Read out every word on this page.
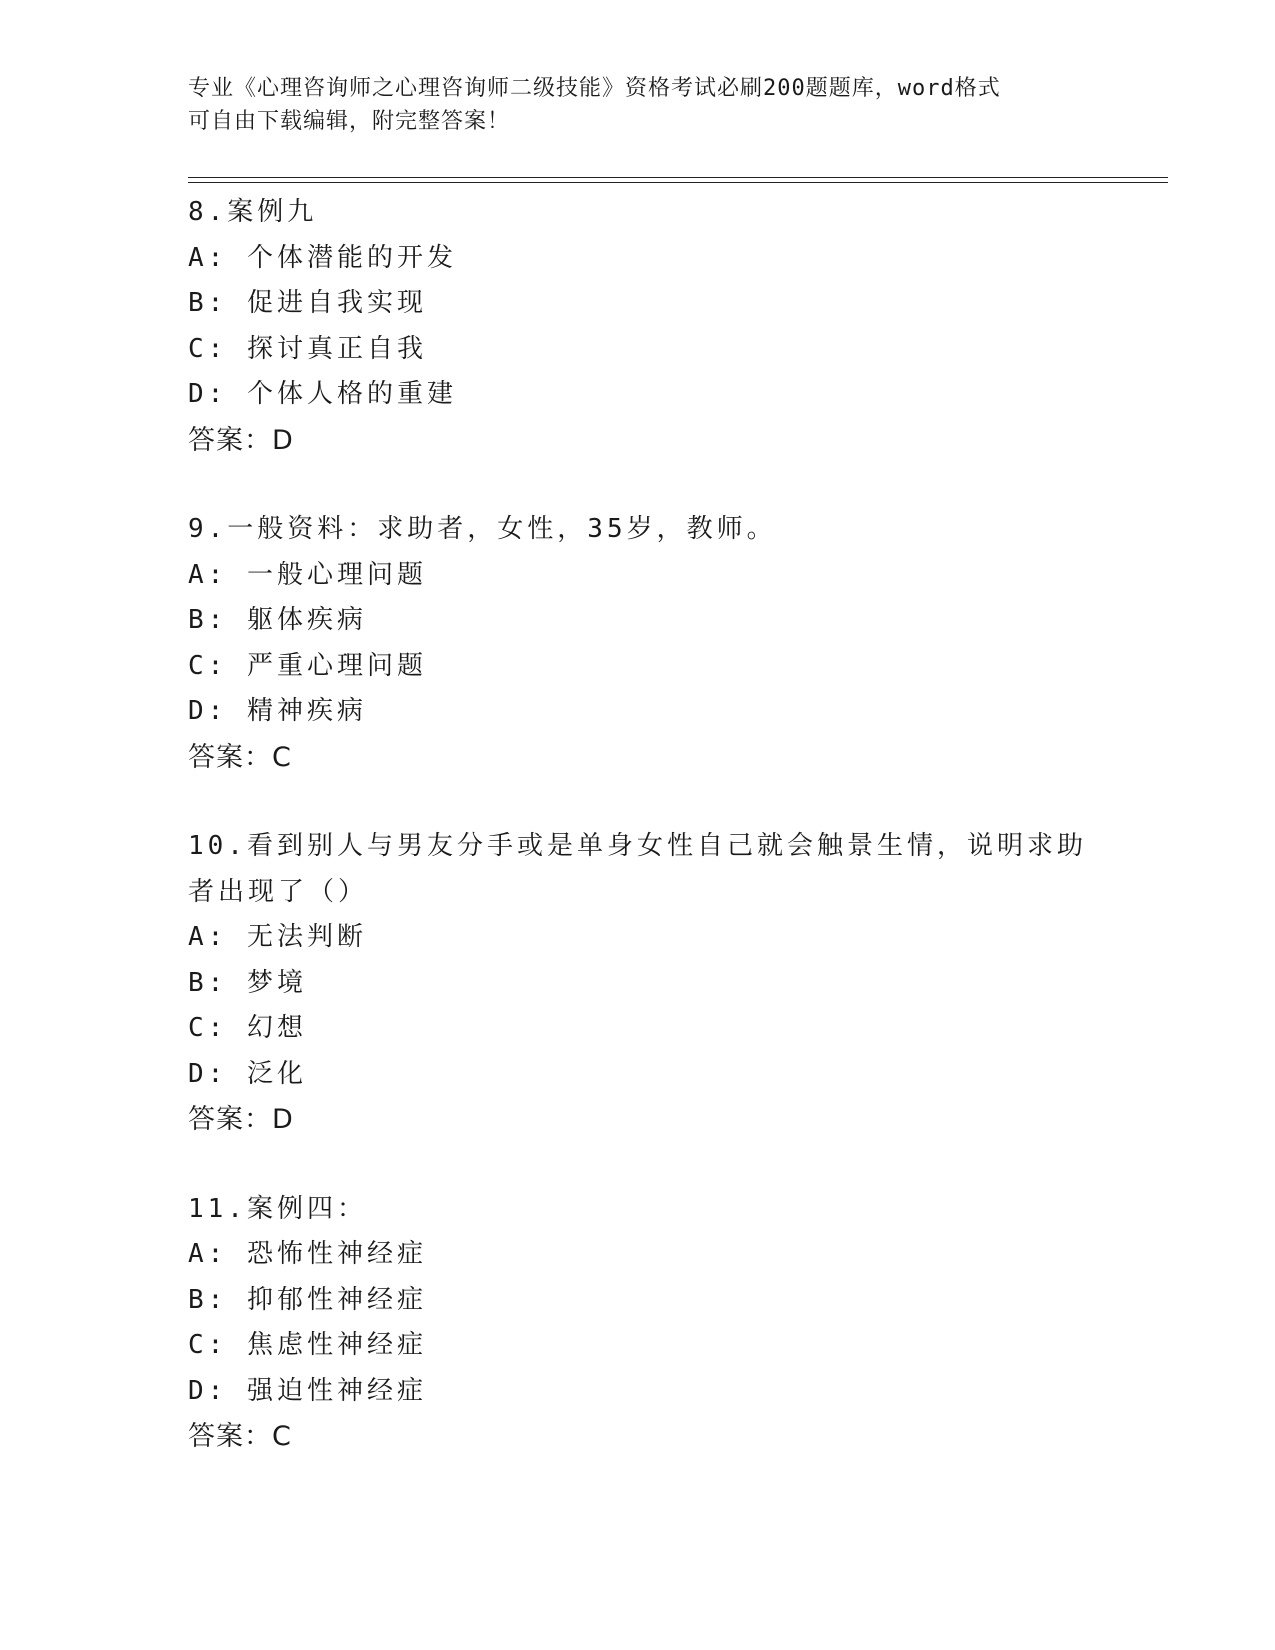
专业《心理咨询师之心理咨询师二级技能》资格考试必刷200题题库，word格式
可自由下载编辑，附完整答案！
8.案例九
A: 个体潜能的开发
B: 促进自我实现
C: 探讨真正自我
D: 个体人格的重建
答案：D
9.一般资料：求助者，女性，35岁，教师。
A: 一般心理问题
B: 躯体疾病
C: 严重心理问题
D: 精神疾病
答案：C
10.看到别人与男友分手或是单身女性自己就会触景生情，说明求助者出现了（）
A: 无法判断
B: 梦境
C: 幻想
D: 泛化
答案：D
11.案例四：
A: 恐怖性神经症
B: 抑郁性神经症
C: 焦虑性神经症
D: 强迫性神经症
答案：C
